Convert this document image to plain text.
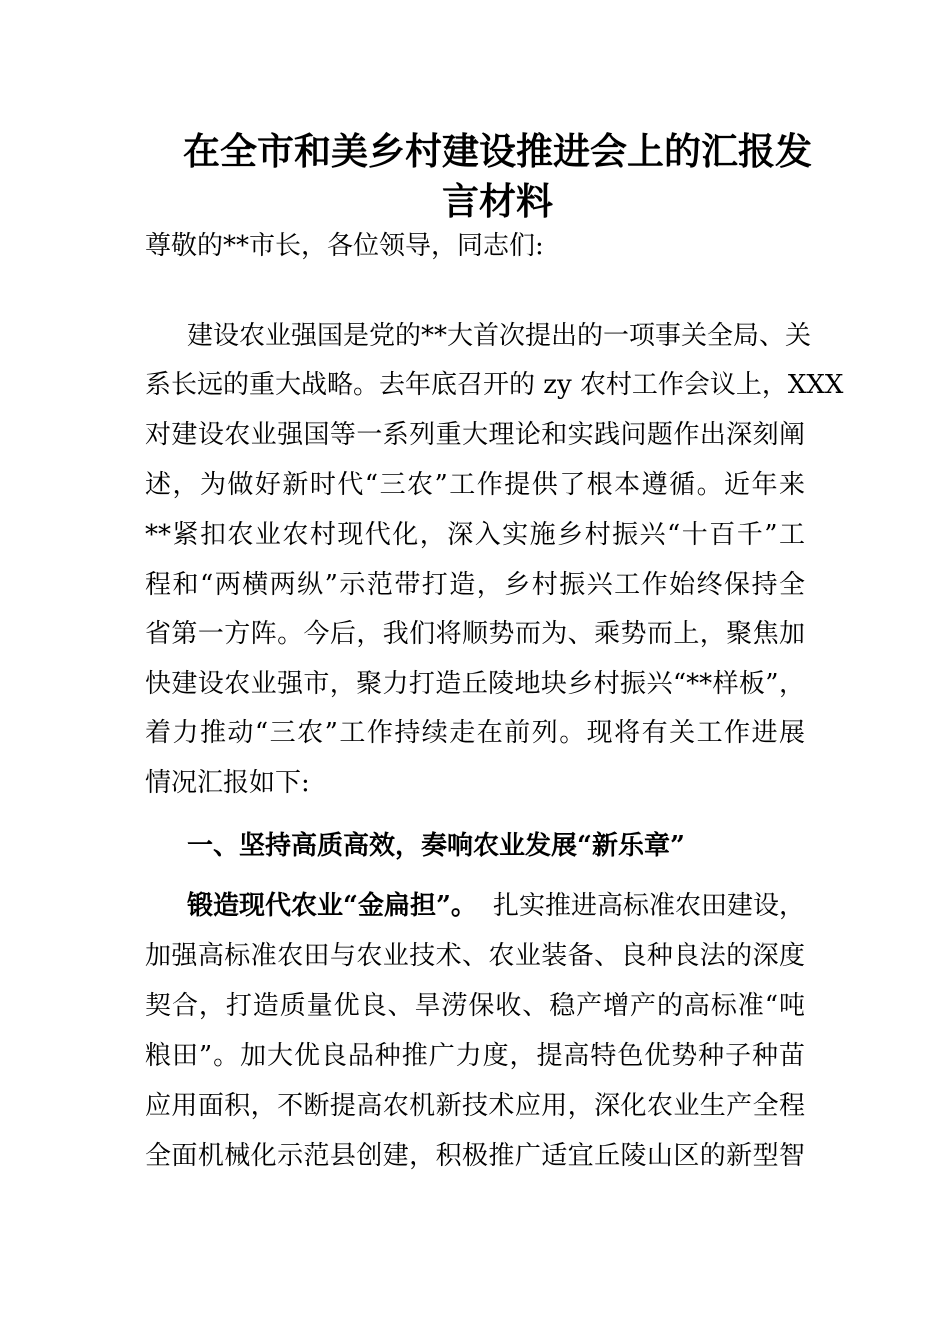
在全市和美乡村建设推进会上的汇报发
言材料
尊敬的**市长，各位领导，同志们:
建设农业强国是党的**大首次提出的一项事关全局、关
系长远的重大战略。去年底召开的 zy 农村工作会议上，XXX
对建设农业强国等一系列重大理论和实践问题作出深刻阐
述，为做好新时代“三农”工作提供了根本遵循。近年来
**紧扣农业农村现代化，深入实施乡村振兴“十百千”工
程和“两横两纵”示范带打造，乡村振兴工作始终保持全
省第一方阵。今后，我们将顺势而为、乘势而上，聚焦加
快建设农业强市，聚力打造丘陵地块乡村振兴“**样板”，
着力推动“三农”工作持续走在前列。现将有关工作进展
情况汇报如下:
一、坚持高质高效，奏响农业发展“新乐章”
锻造现代农业“金扁担”。 扎实推进高标准农田建设，
加强高标准农田与农业技术、农业装备、良种良法的深度
契合，打造质量优良、旱涝保收、稳产增产的高标准“吨
粮田”。加大优良品种推广力度，提高特色优势种子种苗
应用面积，不断提高农机新技术应用，深化农业生产全程
全面机械化示范县创建，积极推广适宜丘陵山区的新型智
